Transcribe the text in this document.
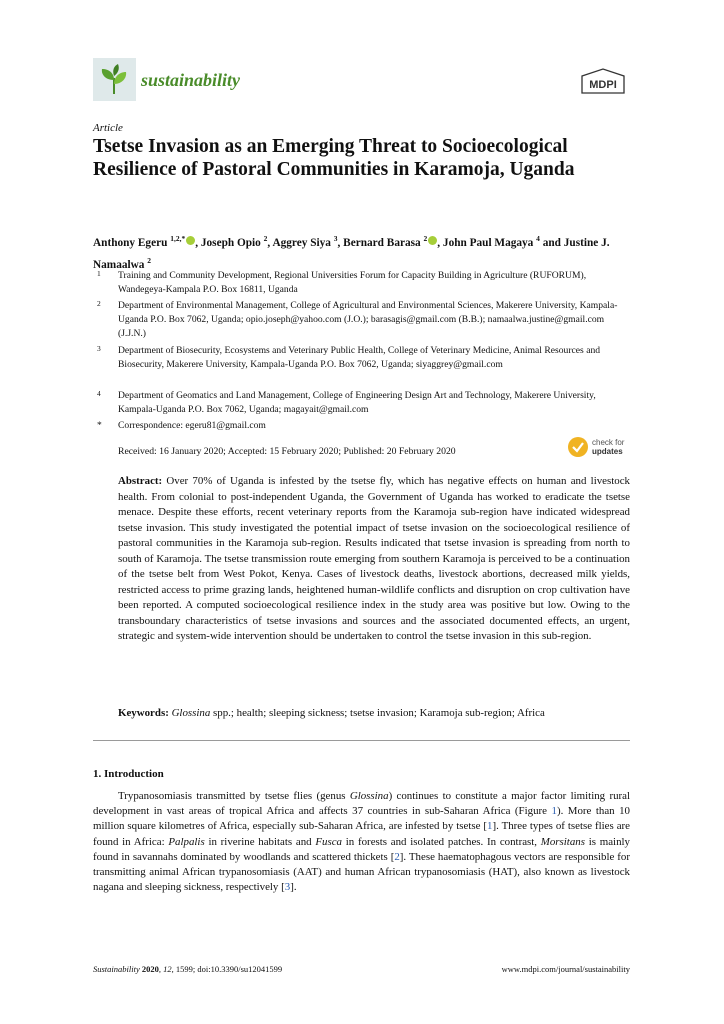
sustainability	MDPI
Article
Tsetse Invasion as an Emerging Threat to Socioecological Resilience of Pastoral Communities in Karamoja, Uganda
Anthony Egeru $^{1,2,*}$ , Joseph Opio $^2$, Aggrey Siya $^3$, Bernard Barasa $^2$ , John Paul Magaya $^4$ and Justine J. Namaalwa $^2$
1 Training and Community Development, Regional Universities Forum for Capacity Building in Agriculture (RUFORUM), Wandegeya-Kampala P.O. Box 16811, Uganda
2 Department of Environmental Management, College of Agricultural and Environmental Sciences, Makerere University, Kampala-Uganda P.O. Box 7062, Uganda; opio.joseph@yahoo.com (J.O.); barasagis@gmail.com (B.B.); namaalwa.justine@gmail.com (J.J.N.)
3 Department of Biosecurity, Ecosystems and Veterinary Public Health, College of Veterinary Medicine, Animal Resources and Biosecurity, Makerere University, Kampala-Uganda P.O. Box 7062, Uganda; siyaggrey@gmail.com
4 Department of Geomatics and Land Management, College of Engineering Design Art and Technology, Makerere University, Kampala-Uganda P.O. Box 7062, Uganda; magayait@gmail.com
* Correspondence: egeru81@gmail.com
Received: 16 January 2020; Accepted: 15 February 2020; Published: 20 February 2020
check for
updates
Abstract: Over 70% of Uganda is infested by the tsetse fly, which has negative effects on human and livestock health. From colonial to post-independent Uganda, the Government of Uganda has worked to eradicate the tsetse menace. Despite these efforts, recent veterinary reports from the Karamoja sub-region have indicated widespread tsetse invasion. This study investigated the potential impact of tsetse invasion on the socioecological resilience of pastoral communities in the Karamoja sub-region. Results indicated that tsetse invasion is spreading from north to south of Karamoja. The tsetse transmission route emerging from southern Karamoja is perceived to be a continuation of the tsetse belt from West Pokot, Kenya. Cases of livestock deaths, livestock abortions, decreased milk yields, restricted access to prime grazing lands, heightened human-wildlife conflicts and disruption on crop cultivation have been reported. A computed socioecological resilience index in the study area was positive but low. Owing to the transboundary characteristics of tsetse invasions and sources and the associated documented effects, an urgent, strategic and system-wide intervention should be undertaken to control the tsetse invasion in this sub-region.
Keywords: Glossina spp.; health; sleeping sickness; tsetse invasion; Karamoja sub-region; Africa
1. Introduction
Trypanosomiasis transmitted by tsetse flies (genus Glossina) continues to constitute a major factor limiting rural development in vast areas of tropical Africa and affects 37 countries in sub-Saharan Africa (Figure 1). More than 10 million square kilometres of Africa, especially sub-Saharan Africa, are infested by tsetse [1]. Three types of tsetse flies are found in Africa: Palpalis in riverine habitats and Fusca in forests and isolated patches. In contrast, Morsitans is mainly found in savannahs dominated by woodlands and scattered thickets [2]. These haematophagous vectors are responsible for transmitting animal African trypanosomiasis (AAT) and human African trypanosomiasis (HAT), also known as livestock nagana and sleeping sickness, respectively [3].
Sustainability 2020, 12, 1599; doi:10.3390/su12041599	www.mdpi.com/journal/sustainability
